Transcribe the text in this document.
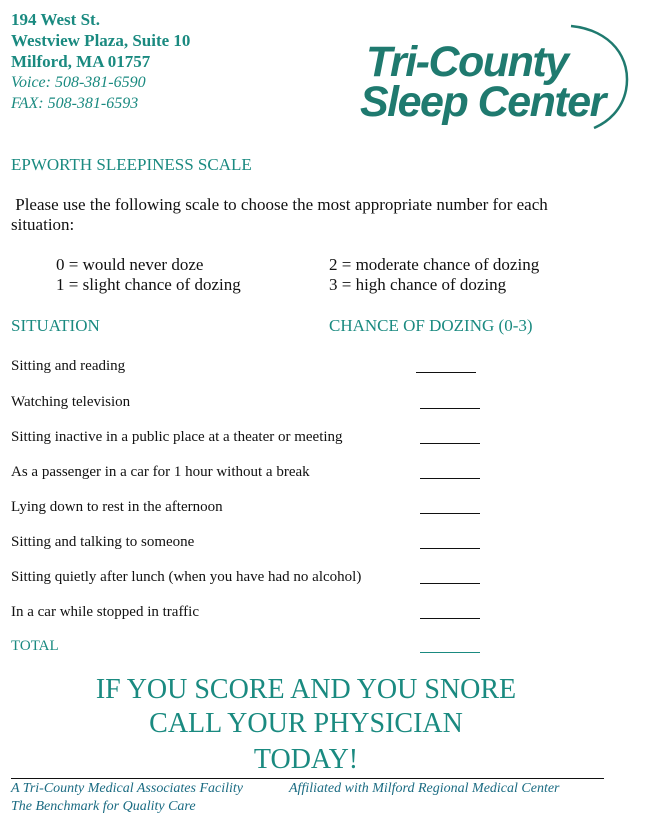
194 West St.
Westview Plaza, Suite 10
Milford, MA 01757
Voice: 508-381-6590
FAX: 508-381-6593
Tri-County
Sleep Center
EPWORTH SLEEPINESS SCALE
Please use the following scale to choose the most appropriate number for each situation:
0 = would never doze
1 = slight chance of dozing
2 = moderate chance of dozing
3 = high chance of dozing
SITUATION	CHANCE OF DOZING (0-3)
Sitting and reading
Watching television
Sitting inactive in a public place at a theater or meeting
As a passenger in a car for 1 hour without a break
Lying down to rest in the afternoon
Sitting and talking to someone
Sitting quietly after lunch (when you have had no alcohol)
In a car while stopped in traffic
TOTAL
IF YOU SCORE AND YOU SNORE
CALL YOUR PHYSICIAN
TODAY!
A Tri-County Medical Associates Facility	Affiliated with Milford Regional Medical Center
The Benchmark for Quality Care
